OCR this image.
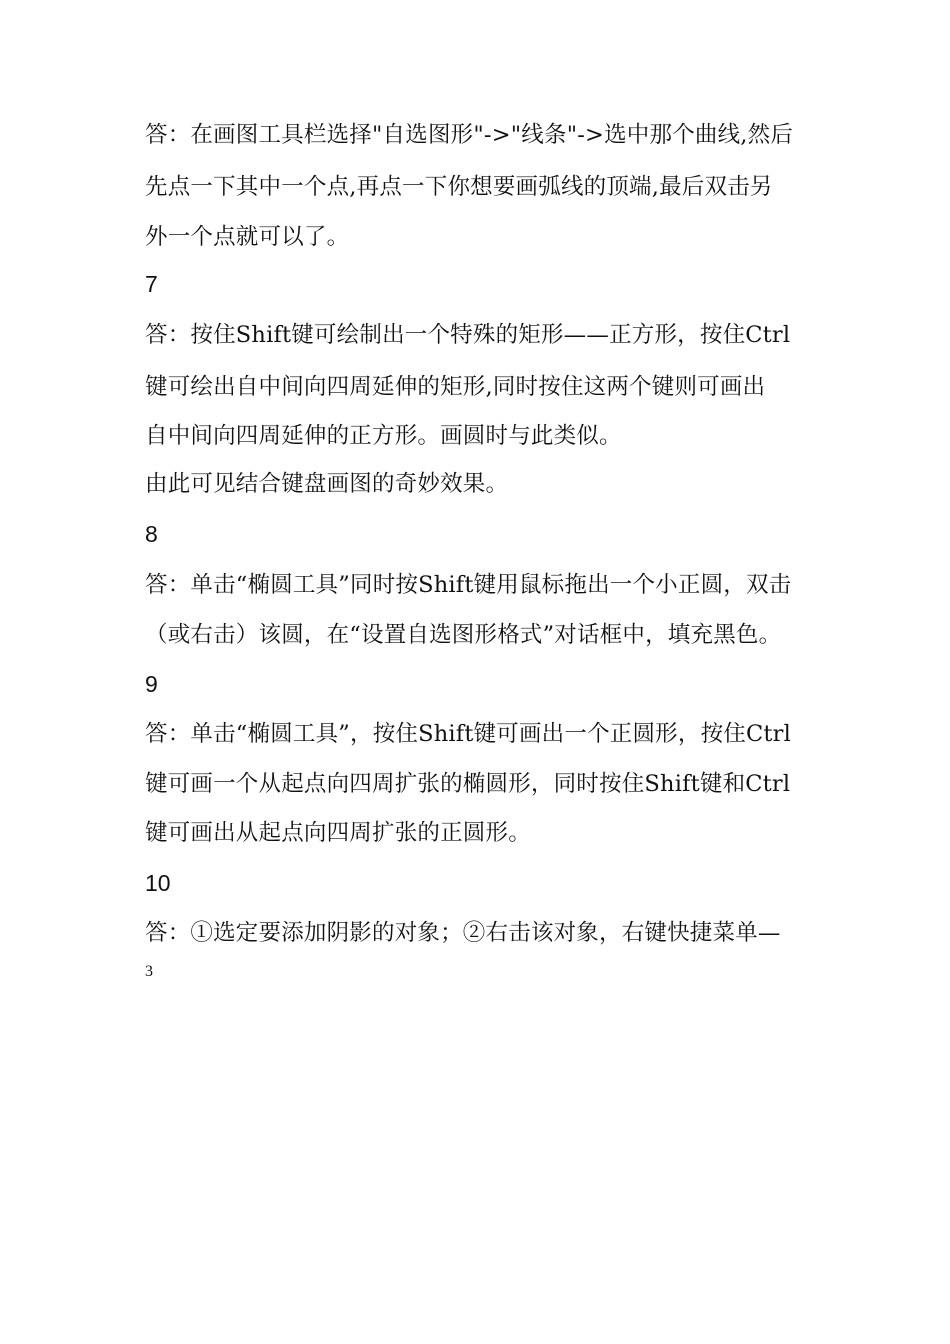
答：在画图工具栏选择"自选图形"->"线条"->选中那个曲线,然后
先点一下其中一个点,再点一下你想要画弧线的顶端,最后双击另
外一个点就可以了。
7
答：按住Shift键可绘制出一个特殊的矩形——正方形，按住Ctrl
键可绘出自中间向四周延伸的矩形,同时按住这两个键则可画出
自中间向四周延伸的正方形。画圆时与此类似。
由此可见结合键盘画图的奇妙效果。
8
答：单击“椭圆工具”同时按Shift键用鼠标拖出一个小正圆，双击
（或右击）该圆，在“设置自选图形格式”对话框中，填充黑色。
9
答：单击“椭圆工具”，按住Shift键可画出一个正圆形，按住Ctrl
键可画一个从起点向四周扩张的椭圆形，同时按住Shift键和Ctrl
键可画出从起点向四周扩张的正圆形。
10
答：①选定要添加阴影的对象；②右击该对象，右键快捷菜单—
3
